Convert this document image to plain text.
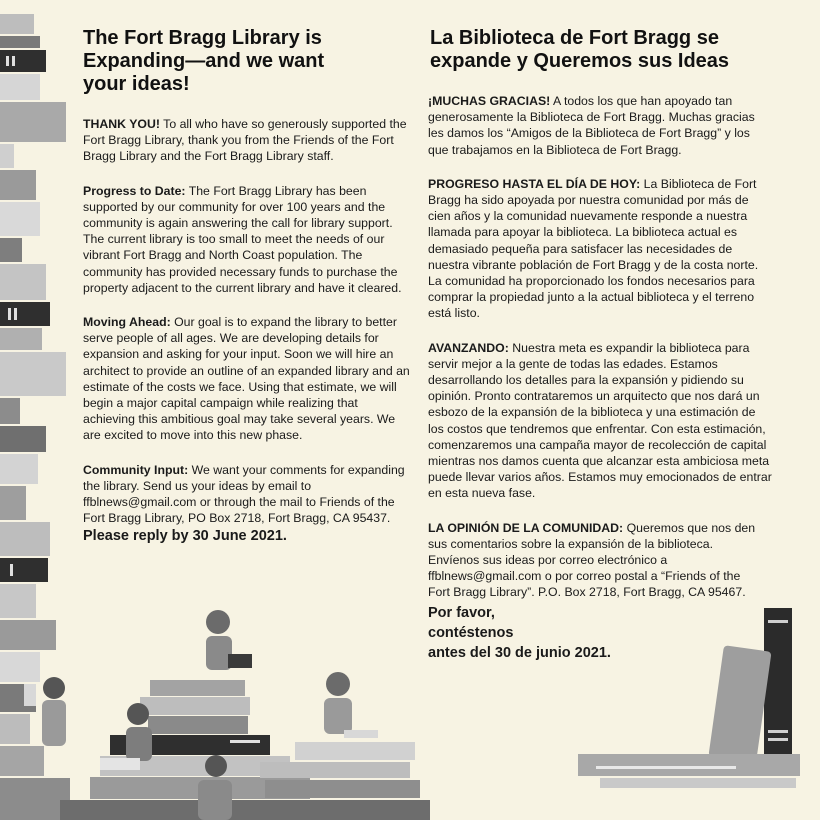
The Fort Bragg Library is
Expanding—and we want
your ideas!

THANK YOU! To all who have so generously supported the Fort Bragg Library, thank you from the Friends of the Fort Bragg Library and the Fort Bragg Library staff.

Progress to Date: The Fort Bragg Library has been supported by our community for over 100 years and the community is again answering the call for library support. The current library is too small to meet the needs of our vibrant Fort Bragg and North Coast population. The community has provided necessary funds to purchase the property adjacent to the current library and have it cleared.

Moving Ahead: Our goal is to expand the library to better serve people of all ages. We are developing details for expansion and asking for your input. Soon we will hire an architect to provide an outline of an expanded library and an estimate of the costs we face. Using that estimate, we will begin a major capital campaign while realizing that achieving this ambitious goal may take several years. We are excited to move into this new phase.

Community Input: We want your comments for expanding the library. Send us your ideas by email to ffblnews@gmail.com or through the mail to Friends of the Fort Bragg Library, PO Box 2718, Fort Bragg, CA 95437.

Please reply by 30 June 2021.

La Biblioteca de Fort Bragg se
expande y Queremos sus Ideas

¡MUCHAS GRACIAS! A todos los que han apoyado tan generosamente la Biblioteca de Fort Bragg. Muchas gracias les damos los “Amigos de la Biblioteca de Fort Bragg” y los que trabajamos en la Biblioteca de Fort Bragg.

PROGRESO HASTA EL DÍA DE HOY: La Biblioteca de Fort Bragg ha sido apoyada por nuestra comunidad por más de cien años y la comunidad nuevamente responde a nuestra llamada para apoyar la biblioteca. La biblioteca actual es demasiado pequeña para satisfacer las necesidades de nuestra vibrante población de Fort Bragg y de la costa norte. La comunidad ha proporcionado los fondos necesarios para comprar la propiedad junto a la actual biblioteca y el terreno está listo.

AVANZANDO: Nuestra meta es expandir la biblioteca para servir mejor a la gente de todas las edades. Estamos desarrollando los detalles para la expansión y pidiendo su opinión. Pronto contrataremos un arquitecto que nos dará un esbozo de la expansión de la biblioteca y una estimación de los costos que tendremos que enfrentar. Con esta estimación, comenzaremos una campaña mayor de recolección de capital mientras nos damos cuenta que alcanzar esta ambiciosa meta puede llevar varios años. Estamos muy emocionados de entrar en esta nueva fase.

LA OPINIÓN DE LA COMUNIDAD: Queremos que nos den sus comentarios sobre la expansión de la biblioteca. Envíenos sus ideas por correo electrónico a ffblnews@gmail.com o por correo postal a “Friends of the Fort Bragg Library”. P.O. Box 2718, Fort Bragg, CA 95467.

Por favor,
contéstenos
antes del 30 de junio 2021.
